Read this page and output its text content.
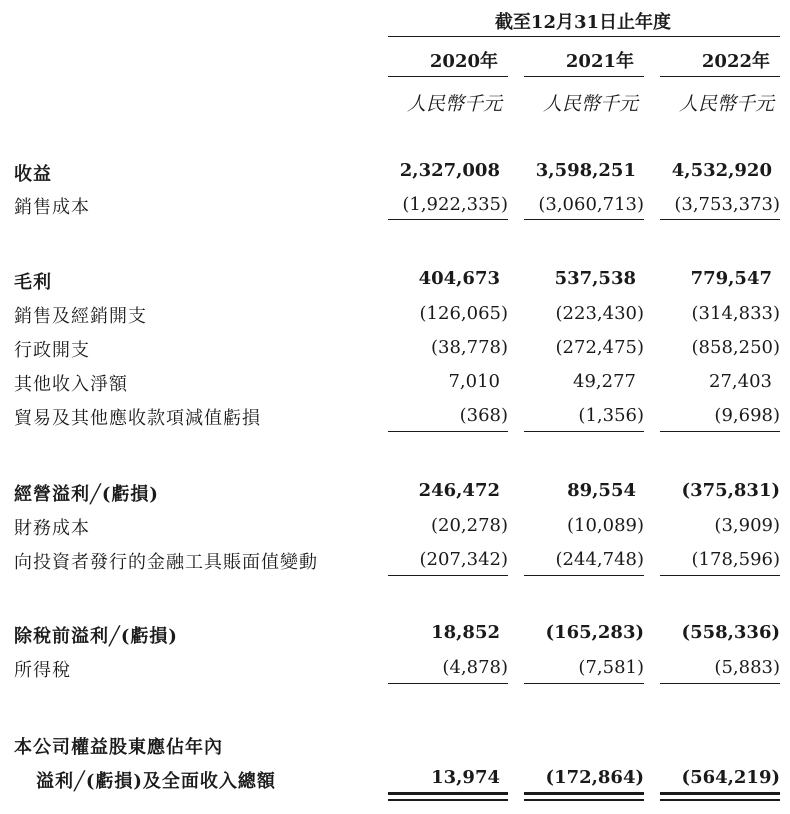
截至12月31日止年度
2020年	2021年	2022年
人民幣千元	人民幣千元	人民幣千元
收益	2,327,008	3,598,251	4,532,920
銷售成本	(1,922,335)	(3,060,713)	(3,753,373)
毛利	404,673	537,538	779,547
銷售及經銷開支	(126,065)	(223,430)	(314,833)
行政開支	(38,778)	(272,475)	(858,250)
其他收入淨額	7,010	49,277	27,403
貿易及其他應收款項減值虧損	(368)	(1,356)	(9,698)
經營溢利╱(虧損)	246,472	89,554	(375,831)
財務成本	(20,278)	(10,089)	(3,909)
向投資者發行的金融工具賬面值變動	(207,342)	(244,748)	(178,596)
除稅前溢利╱(虧損)	18,852	(165,283)	(558,336)
所得稅	(4,878)	(7,581)	(5,883)
本公司權益股東應佔年內
溢利╱(虧損)及全面收入總額	13,974	(172,864)	(564,219)
